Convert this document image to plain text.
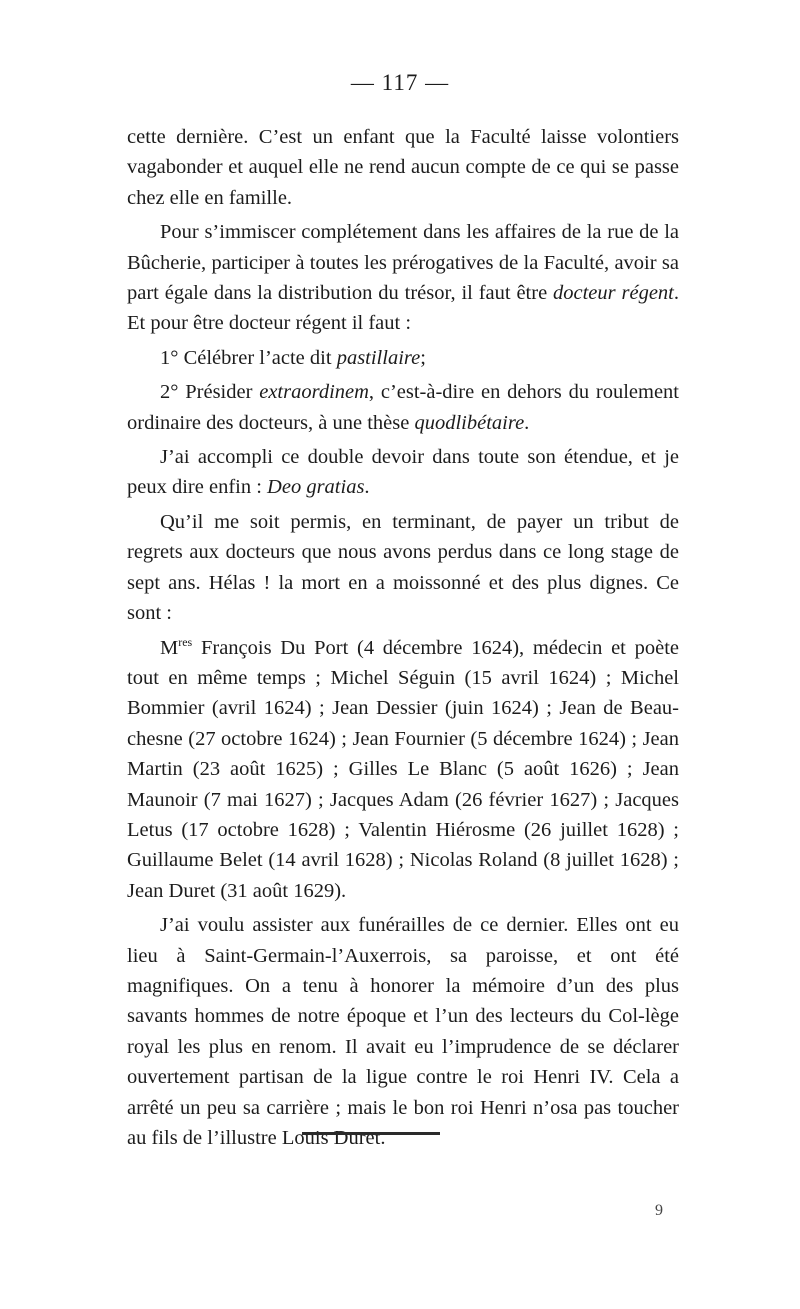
— 117 —

cette dernière. C’est un enfant que la Faculté laisse volontiers vagabonder et auquel elle ne rend aucun compte de ce qui se passe chez elle en famille.

Pour s’immiscer complétement dans les affaires de la rue de la Bûcherie, participer à toutes les prérogatives de la Faculté, avoir sa part égale dans la distribution du trésor, il faut être docteur régent. Et pour être docteur régent il faut :

1° Célébrer l’acte dit pastillaire;

2° Présider extraordinem, c’est-à-dire en dehors du roulement ordinaire des docteurs, à une thèse quodlibétaire.

J’ai accompli ce double devoir dans toute son étendue, et je peux dire enfin : Deo gratias.

Qu’il me soit permis, en terminant, de payer un tribut de regrets aux docteurs que nous avons perdus dans ce long stage de sept ans. Hélas ! la mort en a moissonné et des plus dignes. Ce sont :

Mres François Du Port (4 décembre 1624), médecin et poète tout en même temps ; Michel Séguin (15 avril 1624) ; Michel Bommier (avril 1624) ; Jean Dessier (juin 1624) ; Jean de Beau-chesne (27 octobre 1624) ; Jean Fournier (5 décembre 1624) ; Jean Martin (23 août 1625) ; Gilles Le Blanc (5 août 1626) ; Jean Maunoir (7 mai 1627) ; Jacques Adam (26 février 1627) ; Jacques Letus (17 octobre 1628) ; Valentin Hiérosme (26 juillet 1628) ; Guillaume Belet (14 avril 1628) ; Nicolas Roland (8 juillet 1628) ; Jean Duret (31 août 1629).

J’ai voulu assister aux funérailles de ce dernier. Elles ont eu lieu à Saint-Germain-l’Auxerrois, sa paroisse, et ont été magnifiques. On a tenu à honorer la mémoire d’un des plus savants hommes de notre époque et l’un des lecteurs du Col-lège royal les plus en renom. Il avait eu l’imprudence de se déclarer ouvertement partisan de la ligue contre le roi Henri IV. Cela a arrêté un peu sa carrière ; mais le bon roi Henri n’osa pas toucher au fils de l’illustre Louis Duret.

9
